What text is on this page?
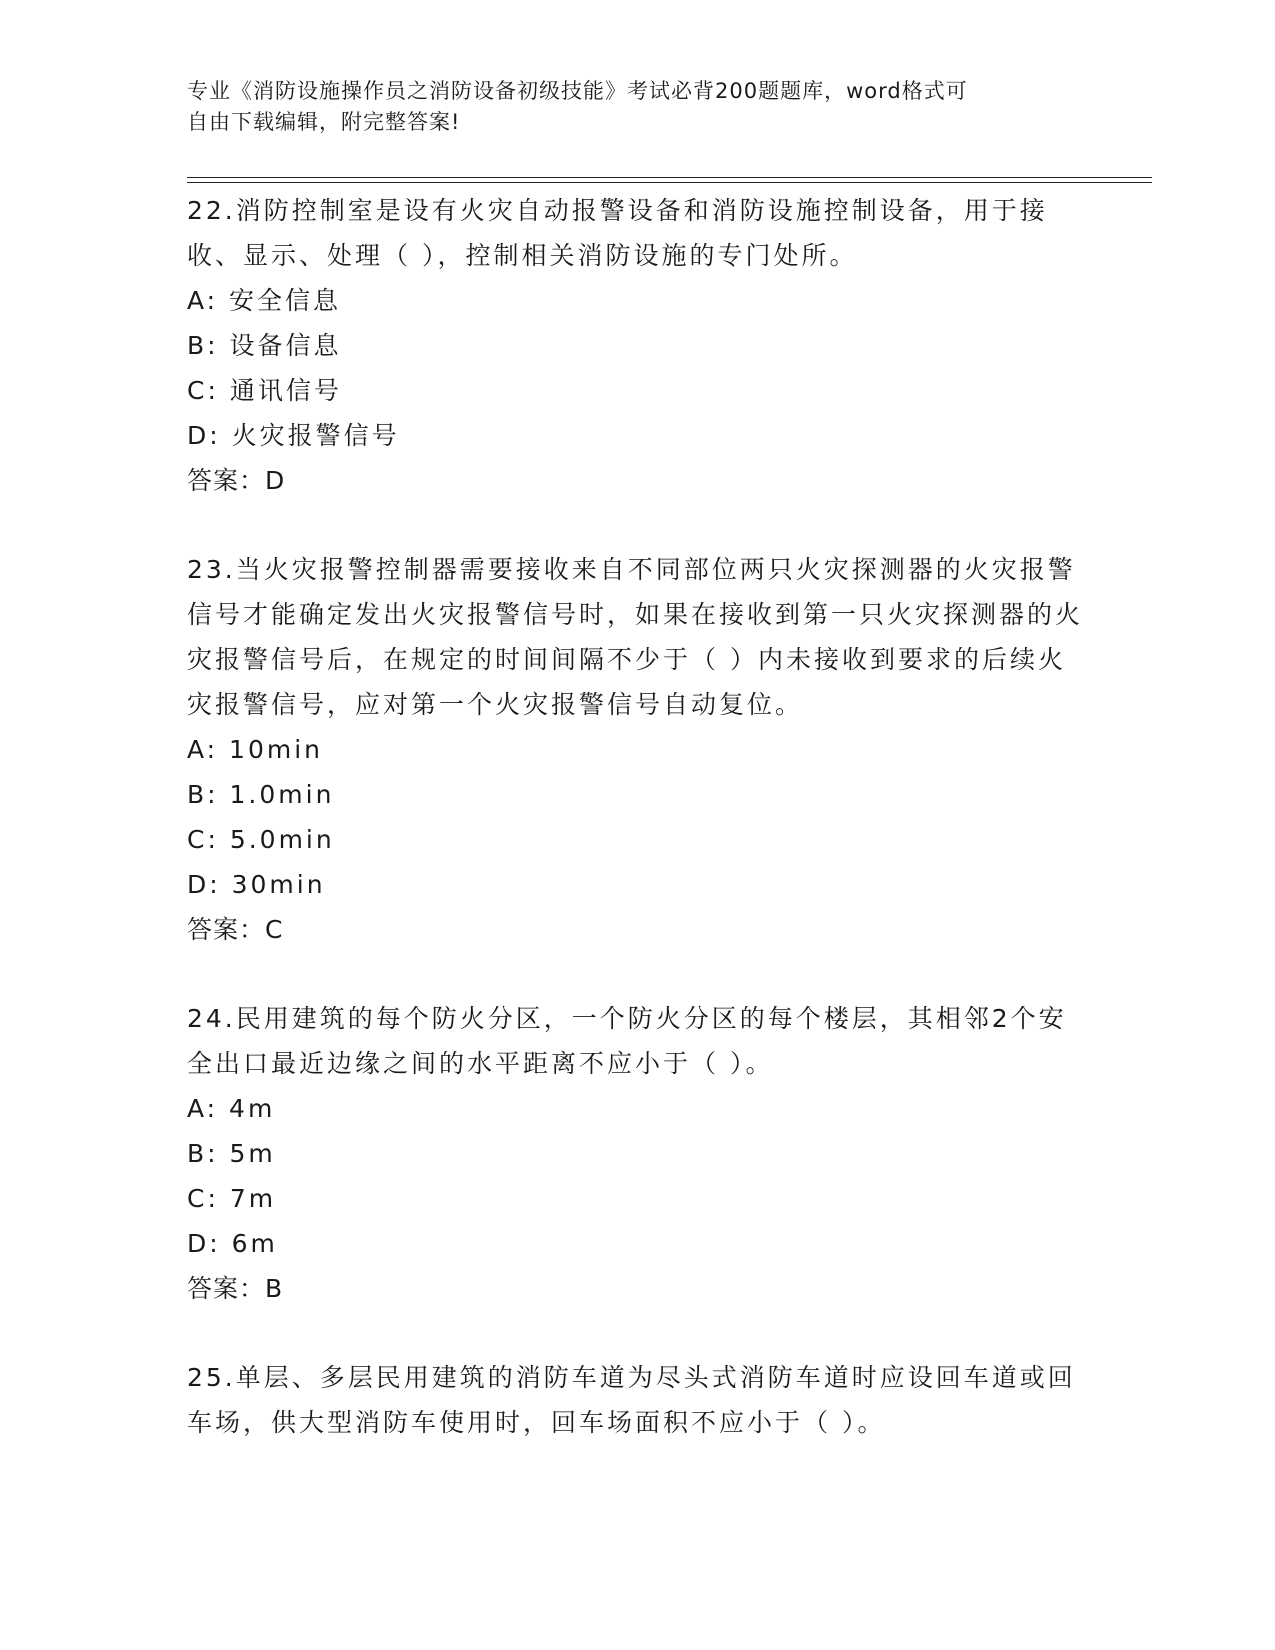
专业《消防设施操作员之消防设备初级技能》考试必背200题题库，word格式可
自由下载编辑，附完整答案!

22.消防控制室是设有火灾自动报警设备和消防设施控制设备，用于接收、显示、处理（ ），控制相关消防设施的专门处所。

A: 安全信息

B: 设备信息

C: 通讯信号

D: 火灾报警信号

答案：D

23.当火灾报警控制器需要接收来自不同部位两只火灾探测器的火灾报警信号才能确定发出火灾报警信号时，如果在接收到第一只火灾探测器的火灾报警信号后，在规定的时间间隔不少于（ ）内未接收到要求的后续火灾报警信号，应对第一个火灾报警信号自动复位。

A: 10min

B: 1.0min

C: 5.0min

D: 30min

答案：C

24.民用建筑的每个防火分区，一个防火分区的每个楼层，其相邻2个安全出口最近边缘之间的水平距离不应小于（ ）。

A: 4m

B: 5m

C: 7m

D: 6m

答案：B

25.单层、多层民用建筑的消防车道为尽头式消防车道时应设回车道或回车场，供大型消防车使用时，回车场面积不应小于（ ）。
